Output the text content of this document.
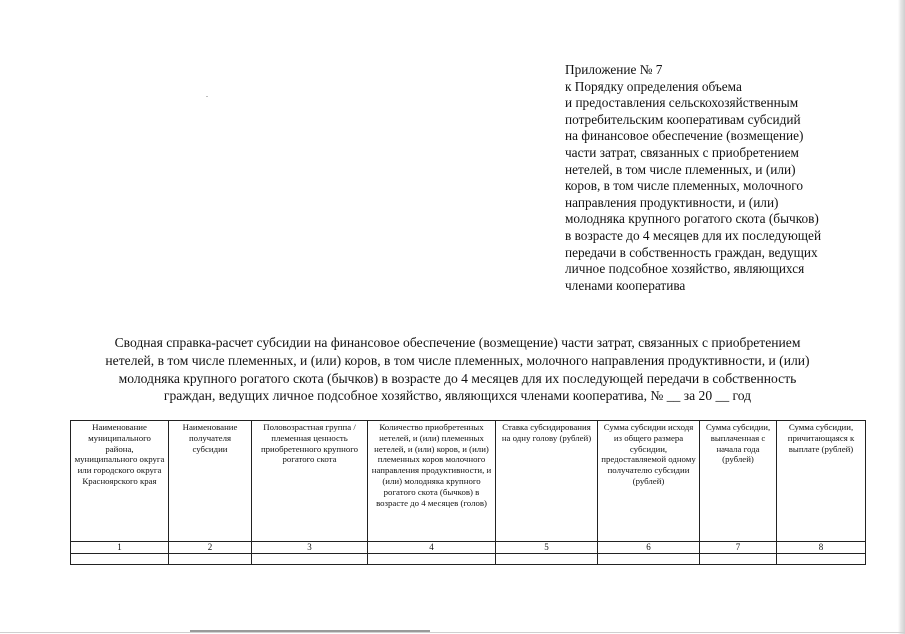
Приложение № 7
к Порядку определения объема
и предоставления сельскохозяйственным
потребительским кооперативам субсидий
на финансовое обеспечение (возмещение)
части затрат, связанных с приобретением
нетелей, в том числе племенных, и (или)
коров, в том числе племенных, молочного
направления продуктивности, и (или)
молодняка крупного рогатого скота (бычков)
в возрасте до 4 месяцев для их последующей
передачи в собственность граждан, ведущих
личное подсобное хозяйство, являющихся
членами кооператива
Сводная справка-расчет субсидии на финансовое обеспечение (возмещение) части затрат, связанных с приобретением
нетелей, в том числе племенных, и (или) коров, в том числе племенных, молочного направления продуктивности, и (или)
молодняка крупного рогатого скота (бычков) в возрасте до 4 месяцев для их последующей передачи в собственность
граждан, ведущих личное подсобное хозяйство, являющихся членами кооператива, № __ за 20 __ год
Наименование муниципального района, муниципального округа или городского округа Красноярского края	Наименование получателя субсидии	Половозрастная группа / племенная ценность приобретенного крупного рогатого скота	Количество приобретенных нетелей, и (или) племенных нетелей, и (или) коров, и (или) племенных коров молочного направления продуктивности, и (или) молодняка крупного рогатого скота (бычков) в возрасте до 4 месяцев (голов)	Ставка субсидирования на одну голову (рублей)	Сумма субсидии исходя из общего размера субсидии, предоставляемой одному получателю субсидии (рублей)	Сумма субсидии, выплаченная с начала года (рублей)	Сумма субсидии, причитающаяся к выплате (рублей)
1	2	3	4	5	6	7	8
